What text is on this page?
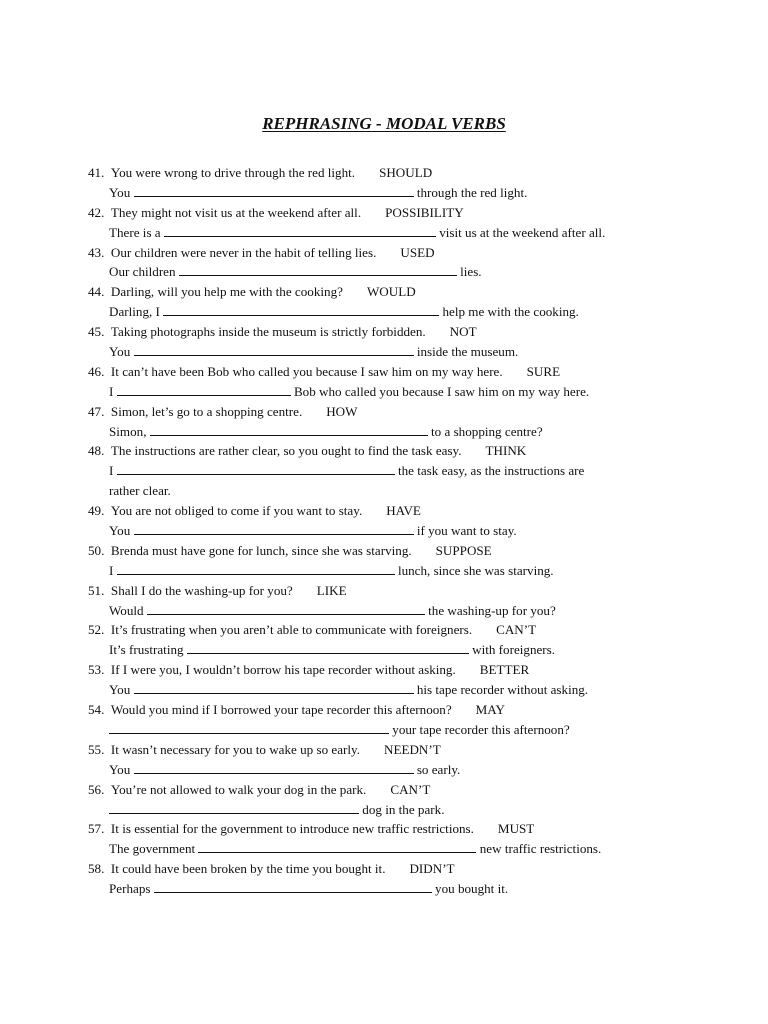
REPHRASING - MODAL VERBS
41. You were wrong to drive through the red light. SHOULD
You	through the red light.
42. They might not visit us at the weekend after all. POSSIBILITY
There is a	visit us at the weekend after all.
43. Our children were never in the habit of telling lies. USED
Our children	lies.
44. Darling, will you help me with the cooking? WOULD
Darling, I	help me with the cooking.
45. Taking photographs inside the museum is strictly forbidden. NOT
You	inside the museum.
46. It can’t have been Bob who called you because I saw him on my way here. SURE
I	Bob who called you because I saw him on my way here.
47. Simon, let’s go to a shopping centre. HOW
Simon,	to a shopping centre?
48. The instructions are rather clear, so you ought to find the task easy. THINK
I	the task easy, as the instructions are
rather clear.
49. You are not obliged to come if you want to stay. HAVE
You	if you want to stay.
50. Brenda must have gone for lunch, since she was starving. SUPPOSE
I	lunch, since she was starving.
51. Shall I do the washing-up for you? LIKE
Would	the washing-up for you?
52. It’s frustrating when you aren’t able to communicate with foreigners. CAN’T
It’s frustrating	with foreigners.
53. If I were you, I wouldn’t borrow his tape recorder without asking. BETTER
You	his tape recorder without asking.
54. Would you mind if I borrowed your tape recorder this afternoon? MAY
your tape recorder this afternoon?
55. It wasn’t necessary for you to wake up so early. NEEDN’T
You	so early.
56. You’re not allowed to walk your dog in the park. CAN’T
dog in the park.
57. It is essential for the government to introduce new traffic restrictions. MUST
The government	new traffic restrictions.
58. It could have been broken by the time you bought it. DIDN’T
Perhaps	you bought it.
